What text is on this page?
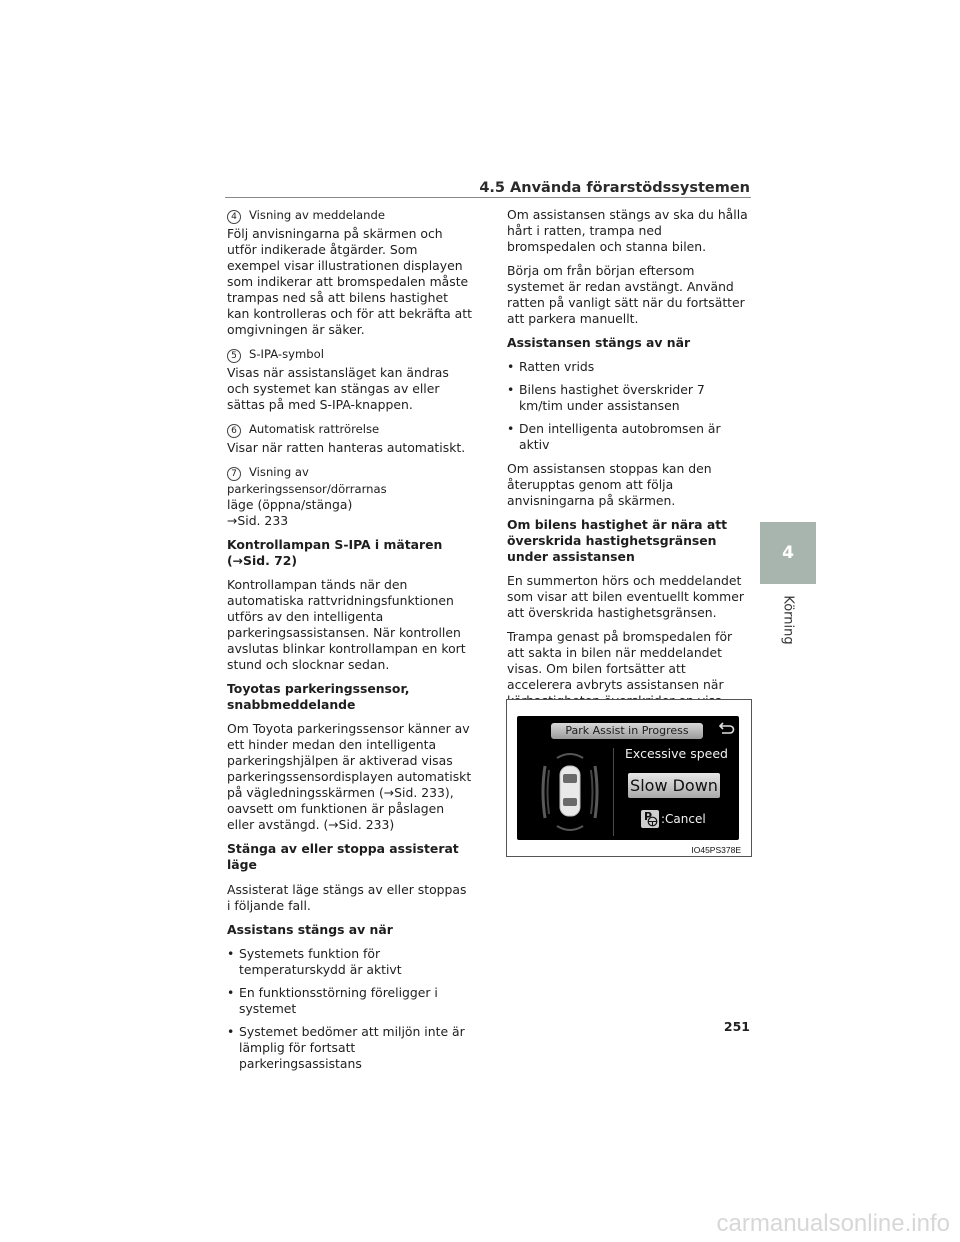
4.5 Använda förarstödssystemen
4 Visning av meddelande

Följ anvisningarna på skärmen och utför indikerade åtgärder. Som exempel visar illustrationen displayen som indikerar att bromspedalen måste trampas ned så att bilens hastighet kan kontrolleras och för att bekräfta att omgivningen är säker.

5 S-IPA-symbol

Visas när assistansläget kan ändras och systemet kan stängas av eller sättas på med S-IPA-knappen.

6 Automatisk rattrörelse

Visar när ratten hanteras automatiskt.

7 Visning av parkeringssensor/dörrarnas
läge (öppna/stänga)

→Sid. 233

Kontrollampan S-IPA i mätaren
(→Sid. 72)

Kontrollampan tänds när den automatiska rattvridningsfunktionen utförs av den intelligenta parkeringsassistansen. När kontrollen avslutas blinkar kontrollampan en kort stund och slocknar sedan.

Toyotas parkeringssensor,
snabbmeddelande

Om Toyota parkeringssensor känner av ett hinder medan den intelligenta parkeringshjälpen är aktiverad visas parkeringssensordisplayen automatiskt på vägledningsskärmen (→Sid. 233), oavsett om funktionen är påslagen eller avstängd. (→Sid. 233)

Stänga av eller stoppa assisterat läge

Assisterat läge stängs av eller stoppas i följande fall.

Assistans stängs av när
• Systemets funktion för temperaturskydd är aktivt
• En funktionsstörning föreligger i systemet
• Systemet bedömer att miljön inte är lämplig för fortsatt parkeringsassistans

Om assistansen stängs av ska du hålla hårt i ratten, trampa ned bromspedalen och stanna bilen.

Börja om från början eftersom systemet är redan avstängt. Använd ratten på vanligt sätt när du fortsätter att parkera manuellt.

Assistansen stängs av när
• Ratten vrids
• Bilens hastighet överskrider 7 km/tim under assistansen
• Den intelligenta autobromsen är aktiv

Om assistansen stoppas kan den återupptas genom att följa anvisningarna på skärmen.

Om bilens hastighet är nära att överskrida hastighetsgränsen under assistansen

En summerton hörs och meddelandet som visar att bilen eventuellt kommer att överskrida hastighetsgränsen.

Trampa genast på bromspedalen för att sakta in bilen när meddelandet visas. Om bilen fortsätter att accelerera avbryts assistansen när

Park Assist in Progress
Excessive speed
Slow Down
P :Cancel
IO45PS378E
4
Körning
251
carmanualsonline.info
